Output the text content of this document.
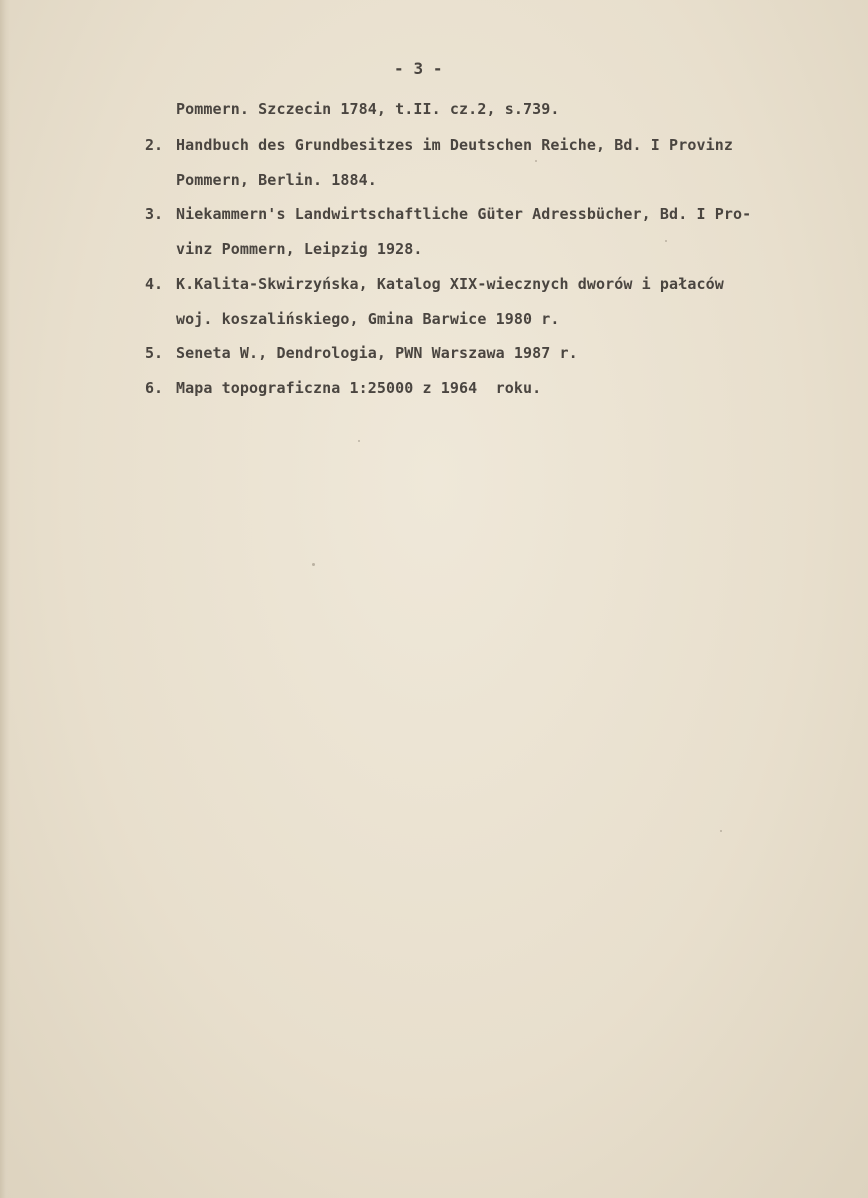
- 3 -
Pommern. Szczecin 1784, t.II. cz.2, s.739.
2. Handbuch des Grundbesitzes im Deutschen Reiche, Bd. I Provinz
Pommern, Berlin. 1884.
3. Niekammern's Landwirtschaftliche Güter Adressbücher, Bd. I Pro-
vinz Pommern, Leipzig 1928.
4. K.Kalita-Skwirzyńska, Katalog XIX-wiecznych dworów i pałaców
woj. koszalińskiego, Gmina Barwice 1980 r.
5. Seneta W., Dendrologia, PWN Warszawa 1987 r.
6. Mapa topograficzna 1:25000 z 1964  roku.
